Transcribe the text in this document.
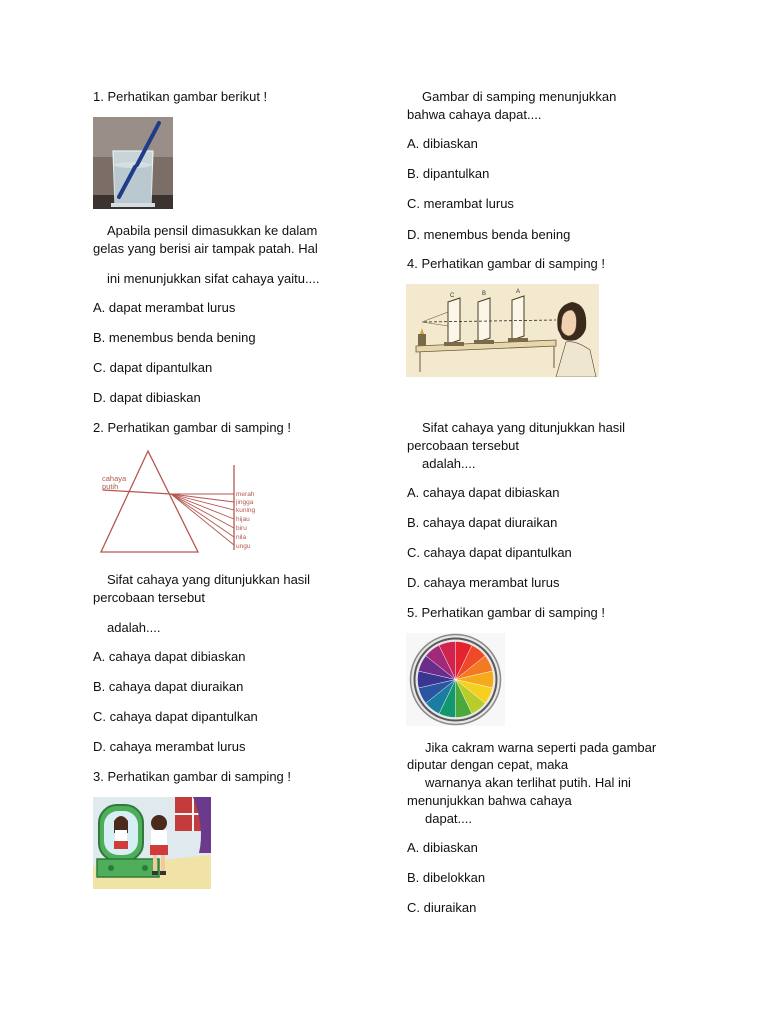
1. Perhatikan gambar berikut !
Apabila pensil dimasukkan ke dalam
gelas yang berisi air tampak patah. Hal
ini menunjukkan sifat cahaya yaitu....
A. dapat merambat lurus
B. menembus benda bening
C. dapat dipantulkan
D. dapat dibiaskan
2. Perhatikan gambar di samping !
cahaya
putih
merah
jingga
kuning
hijau
biru
nila
ungu
Sifat cahaya yang ditunjukkan hasil
percobaan tersebut
adalah....
A. cahaya dapat dibiaskan
B. cahaya dapat diuraikan
C. cahaya dapat dipantulkan
D. cahaya merambat lurus
3. Perhatikan gambar di samping !
Gambar di samping menunjukkan
bahwa cahaya dapat....
A. dibiaskan
B. dipantulkan
C. merambat lurus
D. menembus benda bening
4. Perhatikan gambar di samping !
C	B	A
Sifat cahaya yang ditunjukkan hasil
percobaan tersebut
adalah....
A. cahaya dapat dibiaskan
B. cahaya dapat diuraikan
C. cahaya dapat dipantulkan
D. cahaya merambat lurus
5. Perhatikan gambar di samping !
Jika cakram warna seperti pada gambar
diputar dengan cepat, maka
warnanya akan terlihat putih. Hal ini
menunjukkan bahwa cahaya
dapat....
A. dibiaskan
B. dibelokkan
C. diuraikan
